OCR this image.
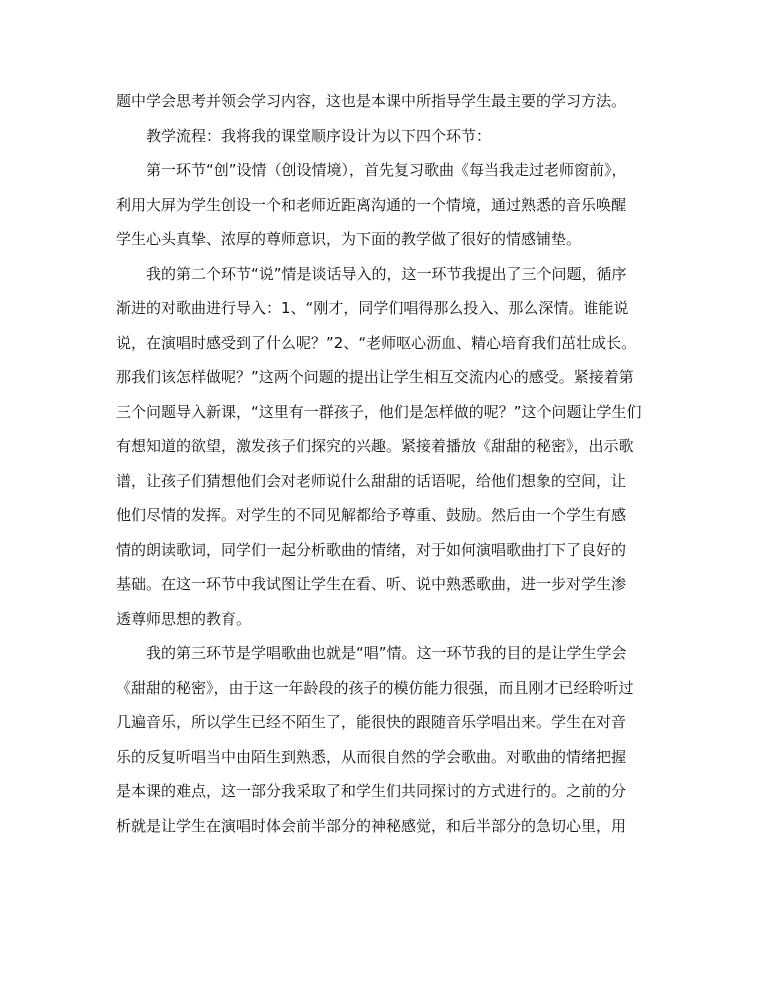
题中学会思考并领会学习内容，这也是本课中所指导学生最主要的学习方法。
教学流程：我将我的课堂顺序设计为以下四个环节：
第一环节“创”设情（创设情境），首先复习歌曲《每当我走过老师窗前》，
利用大屏为学生创设一个和老师近距离沟通的一个情境，通过熟悉的音乐唤醒
学生心头真挚、浓厚的尊师意识，为下面的教学做了很好的情感铺垫。
我的第二个环节“说”情是谈话导入的，这一环节我提出了三个问题，循序
渐进的对歌曲进行导入：1、“刚才，同学们唱得那么投入、那么深情。谁能说
说，在演唱时感受到了什么呢？”2、“老师呕心沥血、精心培育我们茁壮成长。
那我们该怎样做呢？”这两个问题的提出让学生相互交流内心的感受。紧接着第
三个问题导入新课，“这里有一群孩子，他们是怎样做的呢？”这个问题让学生们
有想知道的欲望，激发孩子们探究的兴趣。紧接着播放《甜甜的秘密》，出示歌
谱，让孩子们猜想他们会对老师说什么甜甜的话语呢，给他们想象的空间，让
他们尽情的发挥。对学生的不同见解都给予尊重、鼓励。然后由一个学生有感
情的朗读歌词，同学们一起分析歌曲的情绪，对于如何演唱歌曲打下了良好的
基础。在这一环节中我试图让学生在看、听、说中熟悉歌曲，进一步对学生渗
透尊师思想的教育。
我的第三环节是学唱歌曲也就是“唱”情。这一环节我的目的是让学生学会
《甜甜的秘密》，由于这一年龄段的孩子的模仿能力很强，而且刚才已经聆听过
几遍音乐，所以学生已经不陌生了，能很快的跟随音乐学唱出来。学生在对音
乐的反复听唱当中由陌生到熟悉，从而很自然的学会歌曲。对歌曲的情绪把握
是本课的难点，这一部分我采取了和学生们共同探讨的方式进行的。之前的分
析就是让学生在演唱时体会前半部分的神秘感觉，和后半部分的急切心里，用
